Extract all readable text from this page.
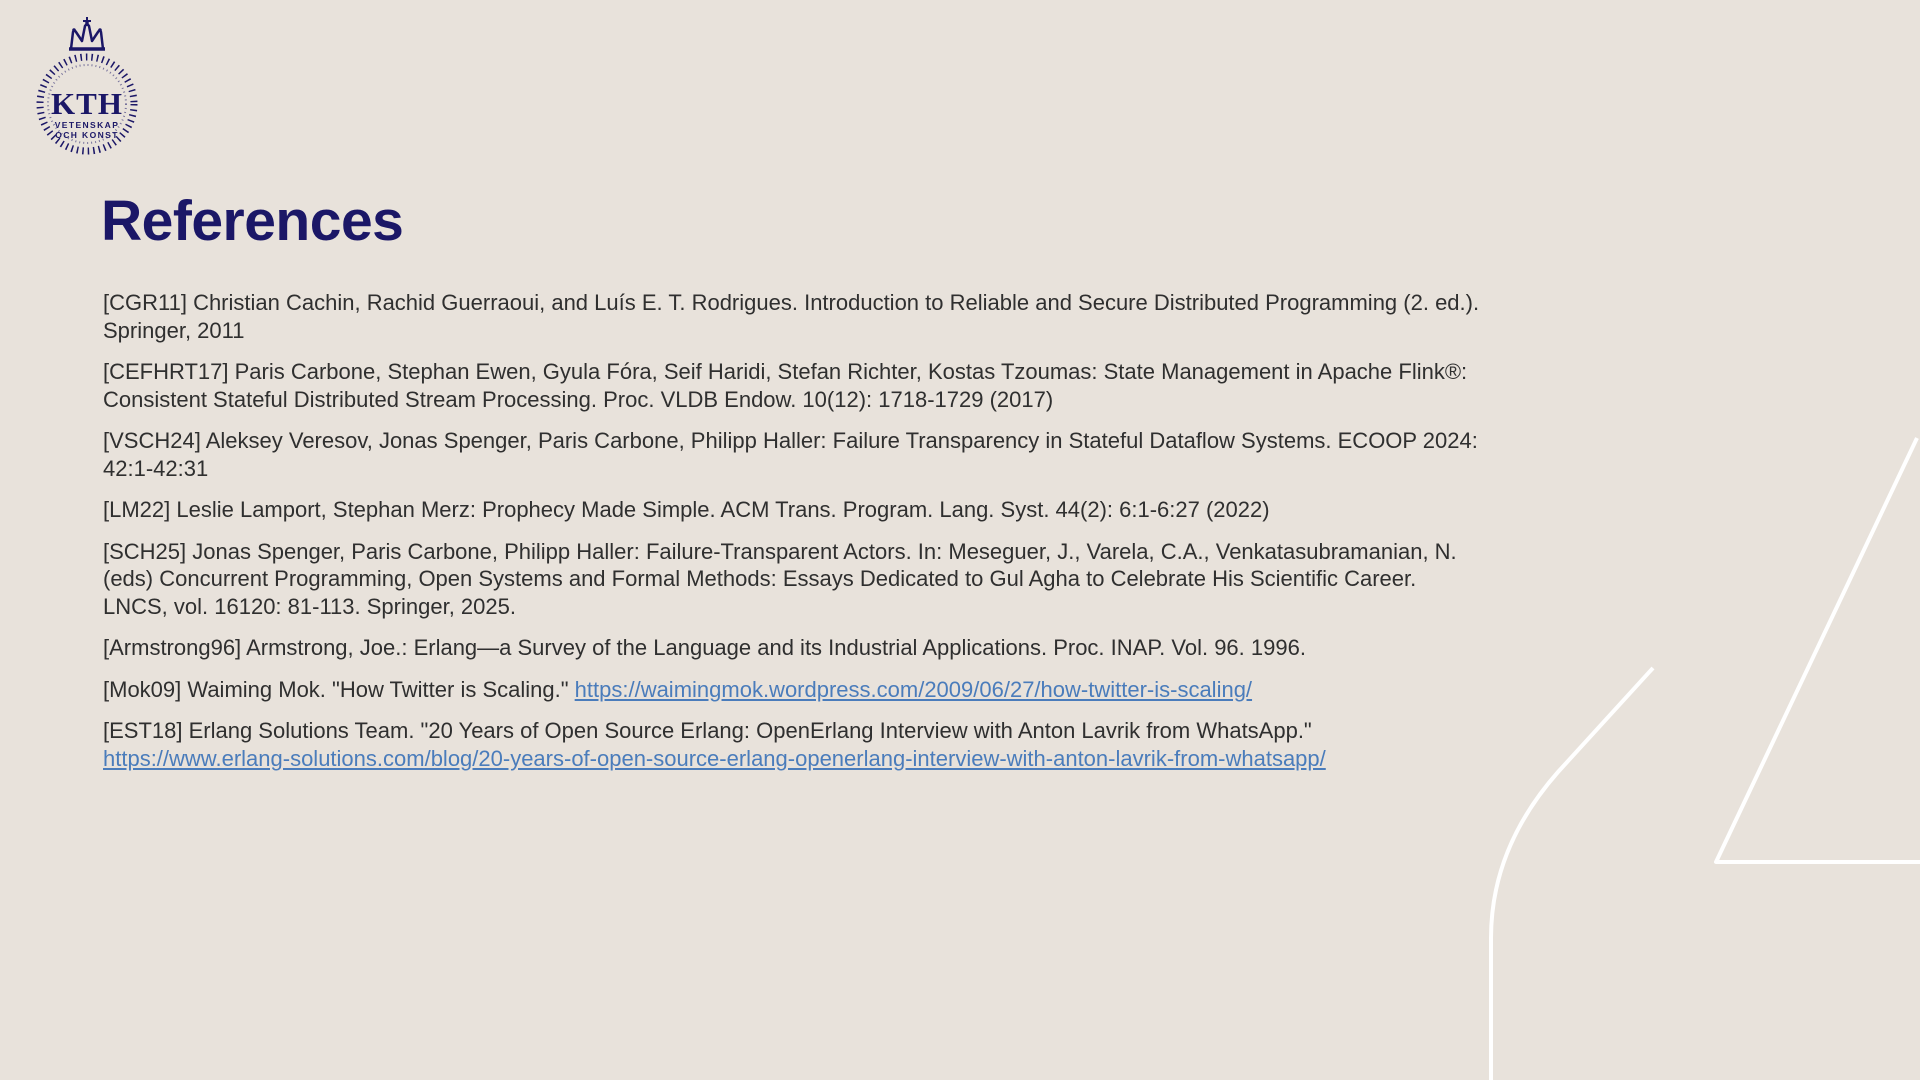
KTH
VETENSKAP
OCH KONST
References

[CGR11] Christian Cachin, Rachid Guerraoui, and Luís E. T. Rodrigues. Introduction to Reliable and Secure Distributed Programming (2. ed.). Springer, 2011

[CEFHRT17] Paris Carbone, Stephan Ewen, Gyula Fóra, Seif Haridi, Stefan Richter, Kostas Tzoumas: State Management in Apache Flink®: Consistent Stateful Distributed Stream Processing. Proc. VLDB Endow. 10(12): 1718-1729 (2017)

[VSCH24] Aleksey Veresov, Jonas Spenger, Paris Carbone, Philipp Haller: Failure Transparency in Stateful Dataflow Systems. ECOOP 2024: 42:1-42:31

[LM22] Leslie Lamport, Stephan Merz: Prophecy Made Simple. ACM Trans. Program. Lang. Syst. 44(2): 6:1-6:27 (2022)

[SCH25] Jonas Spenger, Paris Carbone, Philipp Haller: Failure-Transparent Actors. In: Meseguer, J., Varela, C.A., Venkatasubramanian, N. (eds) Concurrent Programming, Open Systems and Formal Methods: Essays Dedicated to Gul Agha to Celebrate His Scientific Career. LNCS, vol. 16120: 81-113. Springer, 2025.

[Armstrong96] Armstrong, Joe.: Erlang—a Survey of the Language and its Industrial Applications. Proc. INAP. Vol. 96. 1996.

[Mok09] Waiming Mok. "How Twitter is Scaling." https://waimingmok.wordpress.com/2009/06/27/how-twitter-is-scaling/

[EST18] Erlang Solutions Team. "20 Years of Open Source Erlang: OpenErlang Interview with Anton Lavrik from WhatsApp." https://www.erlang-solutions.com/blog/20-years-of-open-source-erlang-openerlang-interview-with-anton-lavrik-from-whatsapp/
